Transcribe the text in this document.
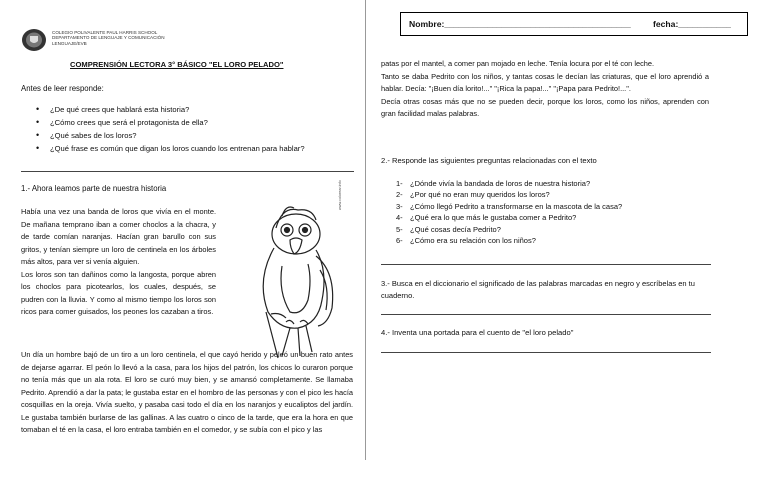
COLEGIO POLIVALENTE PAUL HARRIS SCHOOL
DEPARTAMENTO DE LENGUAJE Y COMUNICACIÓN
LENGUAJE/EVB
Nombre:_______________________________________	fecha:___________
COMPRENSIÓN LECTORA 3° BÁSICO "EL LORO PELADO"
Antes de leer responde:
• ¿De qué crees que hablará esta historia?
• ¿Cómo crees que será el protagonista de ella?
• ¿Qué sabes de los loros?
• ¿Qué frase es común que digan los loros cuando los entrenan para hablar?
1.- Ahora leamos parte de nuestra historia

Había una vez una banda de loros que vivía en el monte. De mañana temprano iban a comer choclos a la chacra, y de tarde comían naranjas. Hacían gran barullo con sus gritos, y tenían siempre un loro de centinela en los árboles más altos, para ver si venía alguien.

Los loros son tan dañinos como la langosta, porque abren los choclos para picotearlos, los cuales, después, se pudren con la lluvia. Y como al mismo tiempo los loros son ricos para comer guisados, los peones los cazaban a tiros.

www.colorear.info
Un día un hombre bajó de un tiro a un loro centinela, el que cayó herido y peleó un buen rato antes de dejarse agarrar. El peón lo llevó a la casa, para los hijos del patrón, los chicos lo curaron porque no tenía más que un ala rota. El loro se curó muy bien, y se amansó completamente. Se llamaba Pedrito. Aprendió a dar la pata; le gustaba estar en el hombro de las personas y con el pico les hacía cosquillas en la oreja. Vivía suelto, y pasaba casi todo el día en los naranjos y eucaliptos del jardín. Le gustaba también burlarse de las gallinas. A las cuatro o cinco de la tarde, que era la hora en que tomaban el té en la casa, el loro entraba también en el comedor, y se subía con el pico y las

patas por el mantel, a comer pan mojado en leche. Tenía locura por el té con leche.

Tanto se daba Pedrito con los niños, y tantas cosas le decían las criaturas, que el loro aprendió a hablar. Decía: "¡Buen día lorito!..." "¡Rica la papa!..." "¡Papa para Pedrito!...".

Decía otras cosas más que no se pueden decir, porque los loros, como los niños, aprenden con gran facilidad malas palabras.

2.- Responde las siguientes preguntas relacionadas con el texto
1- ¿Dónde vivía la bandada de loros de nuestra historia?
2- ¿Por qué no eran muy queridos los loros?
3- ¿Cómo llegó Pedrito a transformarse en la mascota de la casa?
4- ¿Qué era lo que más le gustaba comer a Pedrito?
5- ¿Qué cosas decía Pedrito?
6- ¿Cómo era su relación con los niños?
3.- Busca en el diccionario el significado de las palabras marcadas en negro y escríbelas en tu cuaderno.
4.- Inventa una portada para el cuento de "el loro pelado"
